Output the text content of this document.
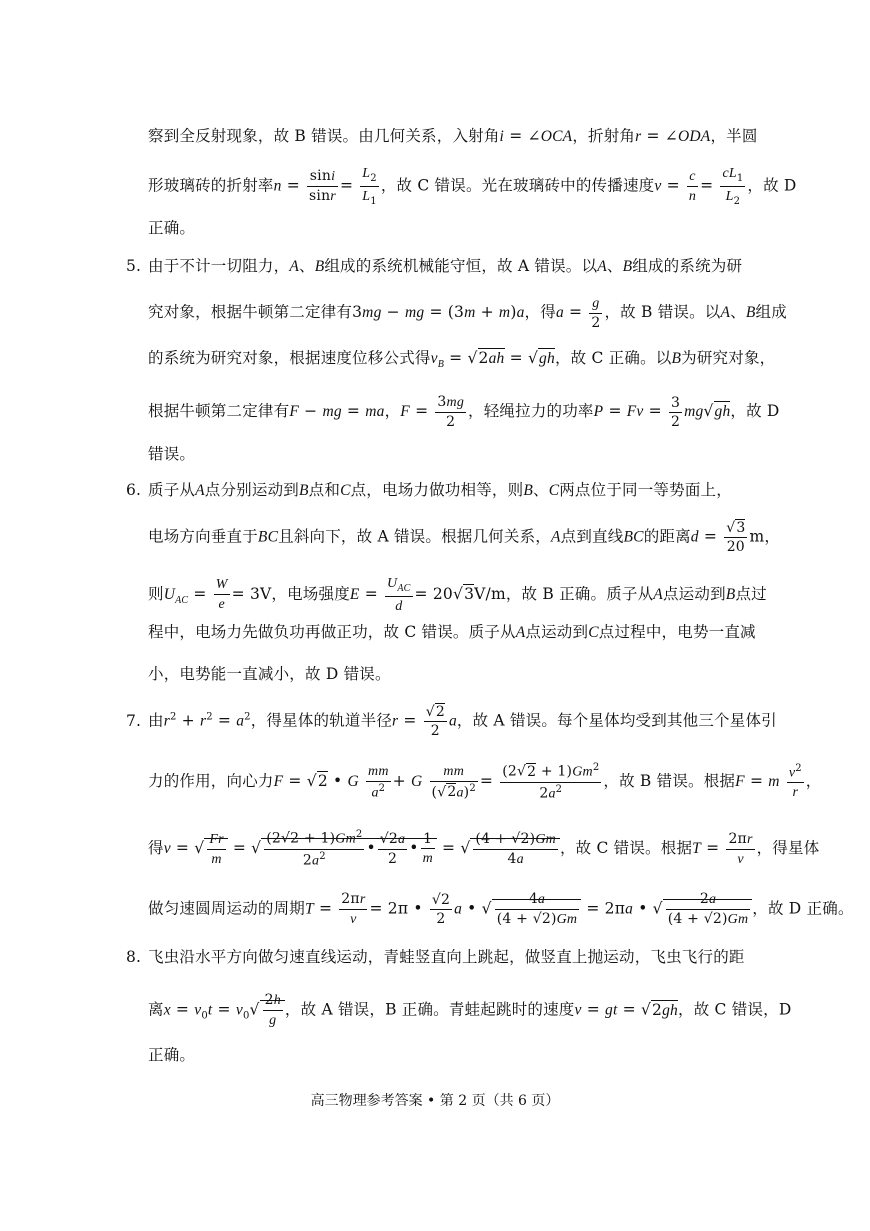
察到全反射现象，故 B 错误。由几何关系，入射角i = ∠OCA，折射角r = ∠ODA，半圆
形玻璃砖的折射率$n = \frac{\sin i}{\sin r} = \frac{L_2}{L_1}$ ，故 C 错误。光在玻璃砖中的传播速度$v = \frac{c}{n} = \frac{cL_1}{L_2}$ ，故 D
正确。
5. 由于不计一切阻力，A、B组成的系统机械能守恒，故 A 错误。以A、B组成的系统为研
究对象，根据牛顿第二定律有3mg − mg = (3m + m)a，得$a = \frac{g}{2}$ ，故 B 错误。以A、B组成
的系统为研究对象，根据速度位移公式得$v_B = √2ah = √gh$，故 C 正确。以B为研究对象，
根据牛顿第二定律有F − mg = ma，$F = \frac{3mg}{2}$ ，轻绳拉力的功率$P = Fv = \frac{3}{2} mg√gh$，故 D
错误。
6. 质子从A点分别运动到B点和C点，电场力做功相等，则B、C两点位于同一等势面上，
电场方向垂直于BC且斜向下，故 A 错误。根据几何关系，A点到直线BC的距离$d = \frac{√3}{20}$ m，
则$U_{AC} = \frac{W}{e} = 3V$，电场强度$E = \frac{U_{AC}}{d} = 20√3V/m$，故 B 正确。质子从A点运动到B点过
程中，电场力先做负功再做正功，故 C 错误。质子从A点运动到C点过程中，电势一直减
小，电势能一直减小，故 D 错误。
7. 由$r^2 + r^2 = a^2$，得星体的轨道半径$r = \frac{√2}{2}$ a，故 A 错误。每个星体均受到其他三个星体引
力的作用，向心力F = √2 • G $\frac{mm}{a^2} + G \frac{mm}{(√2a)^2} = \frac{(2√2 + 1)Gm^2}{2a^2}$ ，故 B 错误。根据F = m $\frac{v^2}{r}$ ，
得v = √ $\frac{Fr}{m}$ = √ $\frac{(2√2 + 1)Gm^2}{2a^2}$ • $\frac{√2a}{2}$ • $\frac{1}{m}$ = √ $\frac{(4 + √2)Gm}{4a}$ ，故 C 错误。根据$T = \frac{2\pi r}{v}$ ，得星体
做匀速圆周运动的周期$T = \frac{2\pi r}{v} = 2\pi$ • $\frac{√2}{2}$ a • √ $\frac{4a}{(4 + √2)Gm} = 2\pi a$ • √ $\frac{2a}{(4 + √2)Gm}$ ，故 D 正确。
8. 飞虫沿水平方向做匀速直线运动，青蛙竖直向上跳起，做竖直上抛运动，飞虫飞行的距
离$x = v_0t = v_0√ \frac{2h}{g}$ ，故 A 错误，B 正确。青蛙起跳时的速度v = gt = √2gh，故 C 错误，D
正确。
高三物理参考答案 • 第 2 页（共 6 页）
